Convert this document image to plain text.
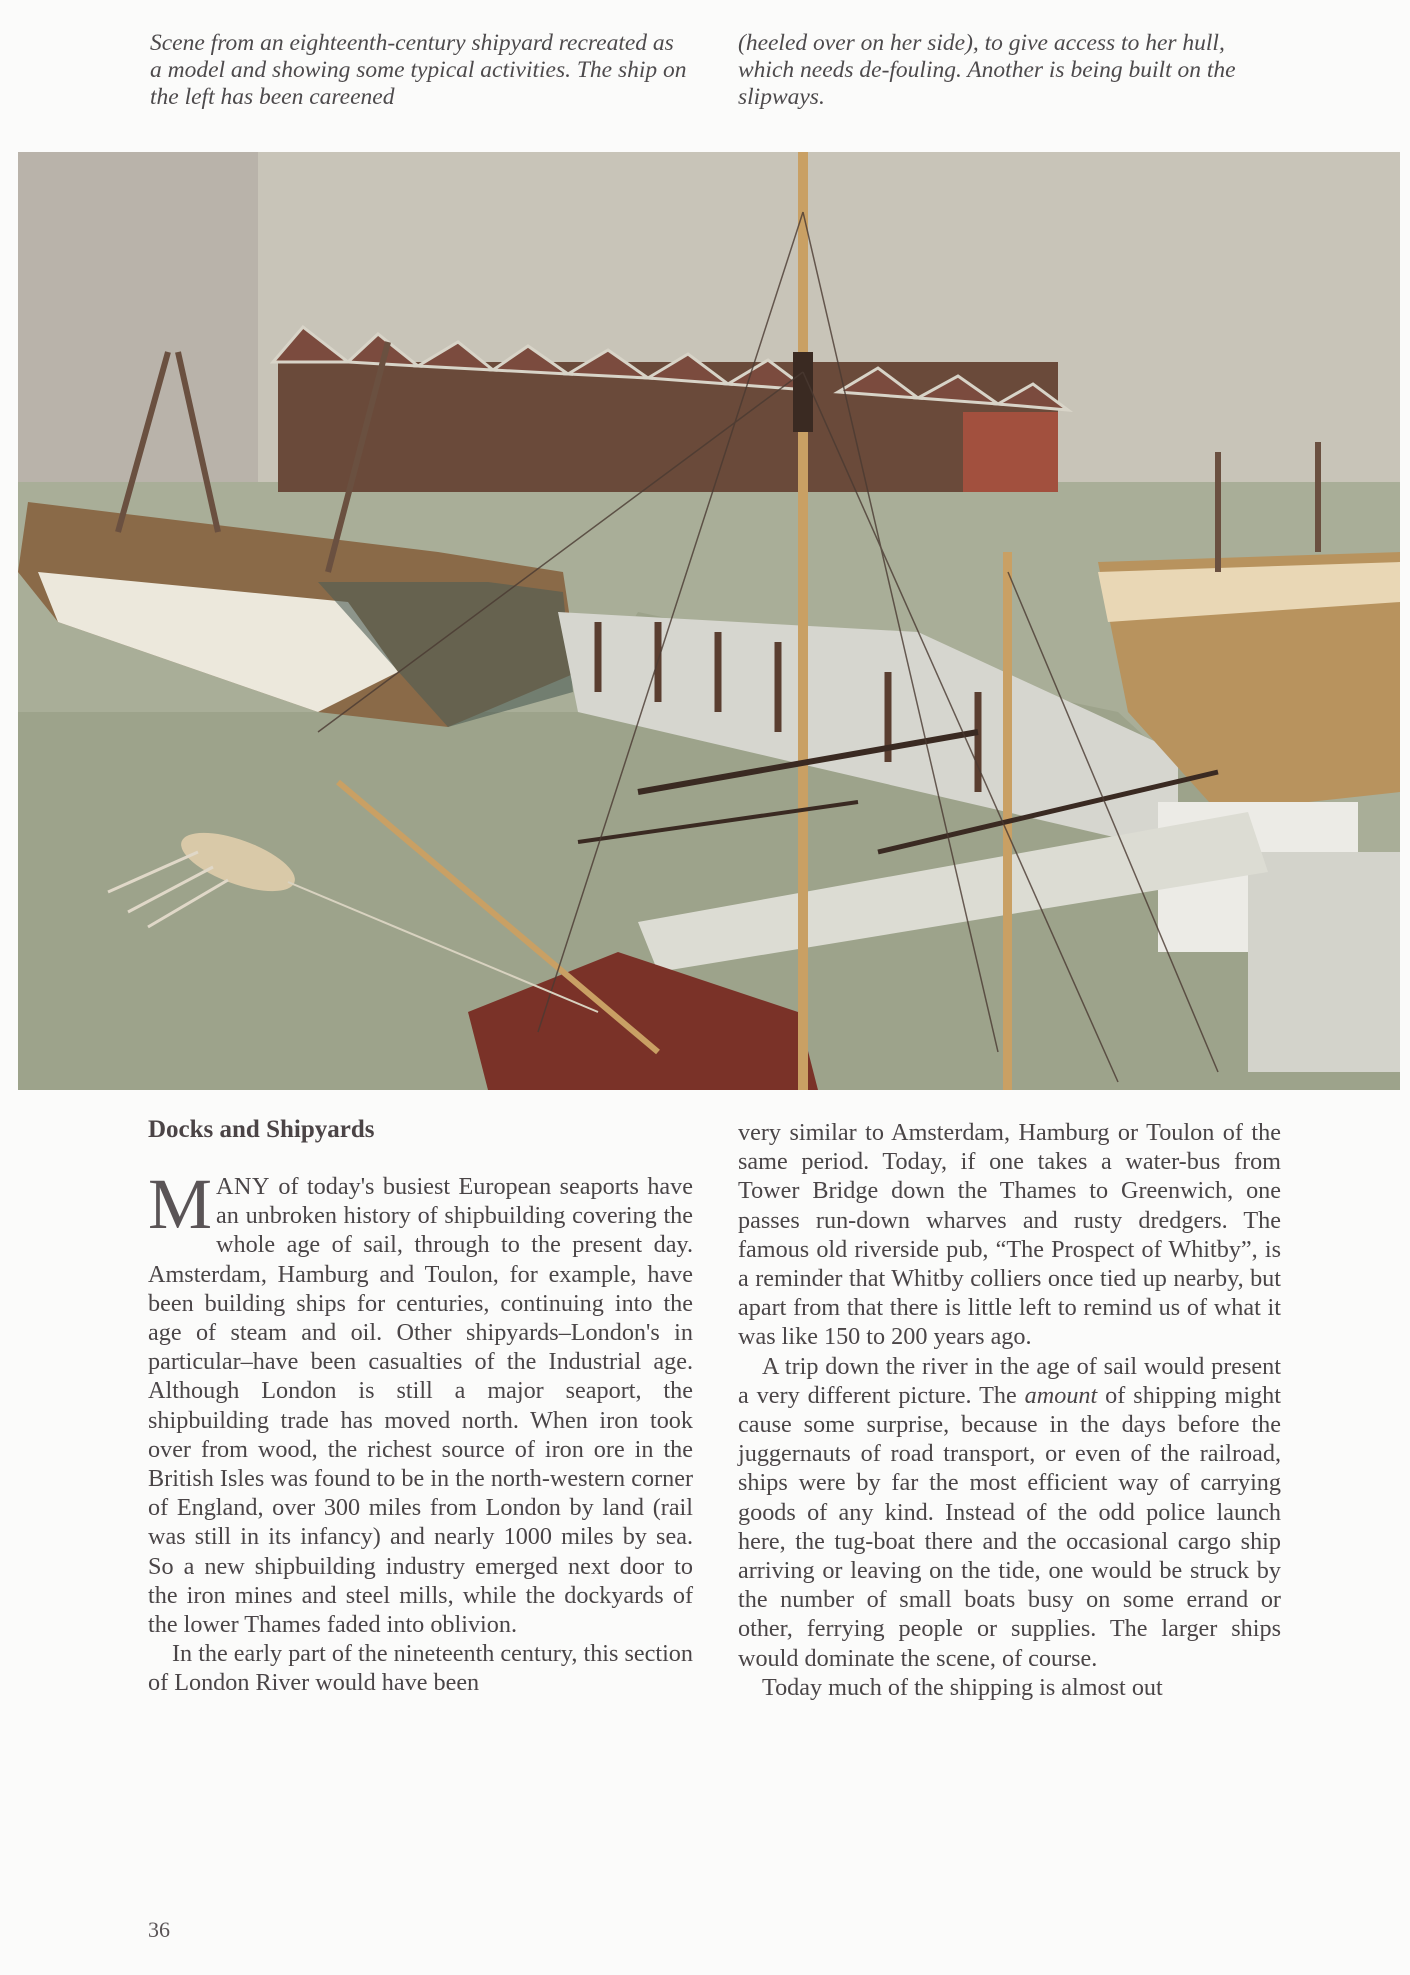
Scene from an eighteenth-century shipyard recreated as a model and showing some typical activities. The ship on the left has been careened

(heeled over on her side), to give access to her hull, which needs de-fouling. Another is being built on the slipways.

Docks and Shipyards

MANY of today's busiest European seaports have an unbroken history of shipbuilding covering the whole age of sail, through to the present day. Amsterdam, Hamburg and Toulon, for example, have been building ships for centuries, continuing into the age of steam and oil. Other shipyards–London's in particular–have been casualties of the Industrial age. Although London is still a major seaport, the shipbuilding trade has moved north. When iron took over from wood, the richest source of iron ore in the British Isles was found to be in the north-western corner of England, over 300 miles from London by land (rail was still in its infancy) and nearly 1000 miles by sea. So a new shipbuilding industry emerged next door to the iron mines and steel mills, while the dockyards of the lower Thames faded into oblivion.

In the early part of the nineteenth century, this section of London River would have been

very similar to Amsterdam, Hamburg or Toulon of the same period. Today, if one takes a water-bus from Tower Bridge down the Thames to Greenwich, one passes run-down wharves and rusty dredgers. The famous old riverside pub, “The Prospect of Whitby”, is a reminder that Whitby colliers once tied up nearby, but apart from that there is little left to remind us of what it was like 150 to 200 years ago.

A trip down the river in the age of sail would present a very different picture. The amount of shipping might cause some surprise, because in the days before the juggernauts of road transport, or even of the railroad, ships were by far the most efficient way of carrying goods of any kind. Instead of the odd police launch here, the tug-boat there and the occasional cargo ship arriving or leaving on the tide, one would be struck by the number of small boats busy on some errand or other, ferrying people or supplies. The larger ships would dominate the scene, of course.

Today much of the shipping is almost out

36
